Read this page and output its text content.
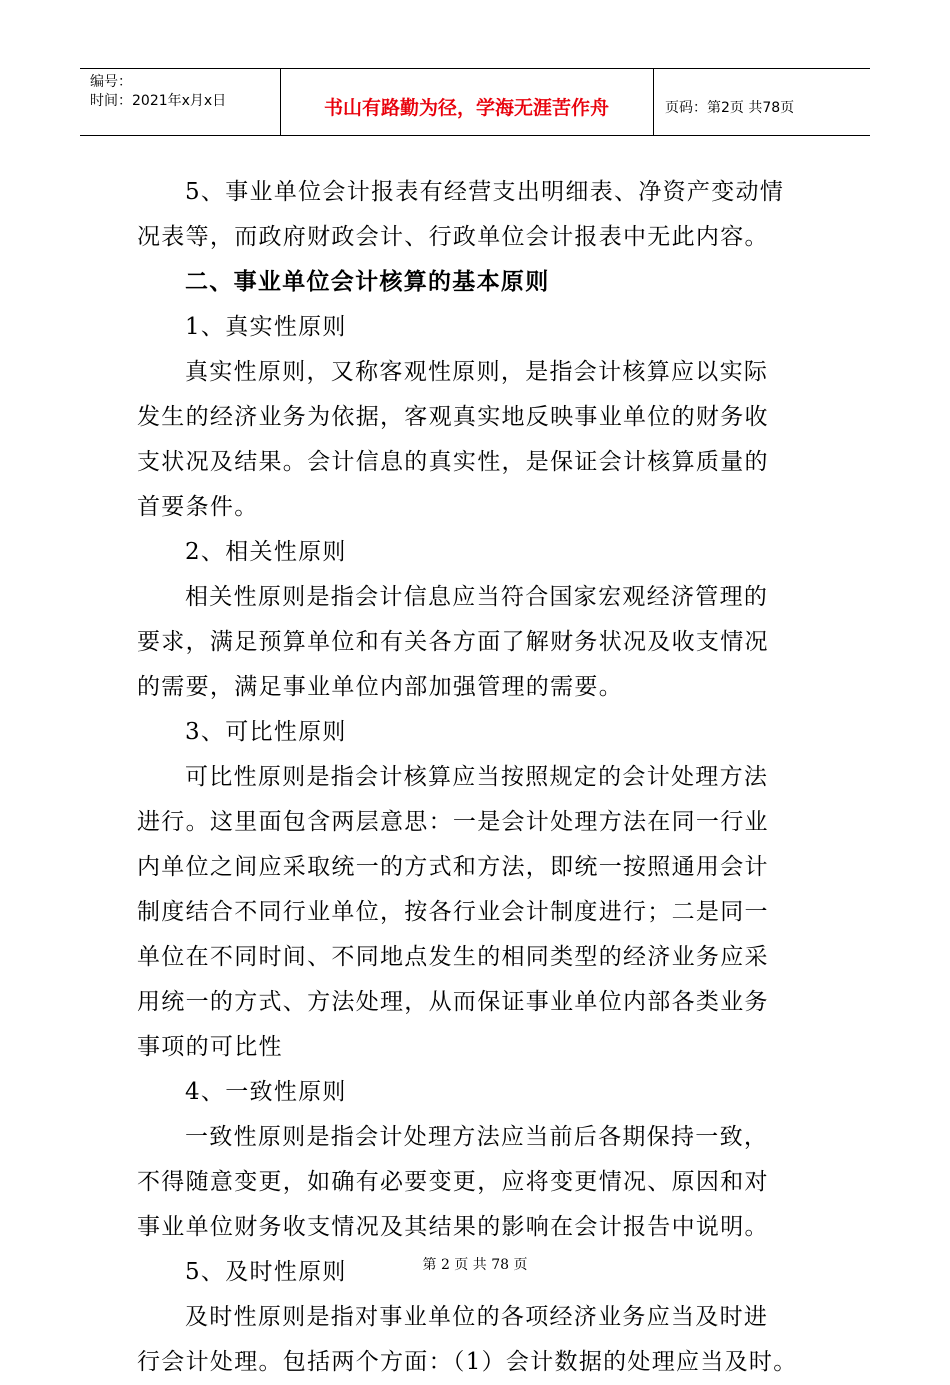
编号：
时间：2021年x月x日	书山有路勤为径，学海无涯苦作舟	页码：第2页 共78页
5、事业单位会计报表有经营支出明细表、净资产变动情
况表等，而政府财政会计、行政单位会计报表中无此内容。
二、事业单位会计核算的基本原则
1、真实性原则
真实性原则，又称客观性原则，是指会计核算应以实际
发生的经济业务为依据，客观真实地反映事业单位的财务收
支状况及结果。会计信息的真实性，是保证会计核算质量的
首要条件。
2、相关性原则
相关性原则是指会计信息应当符合国家宏观经济管理的
要求，满足预算单位和有关各方面了解财务状况及收支情况
的需要，满足事业单位内部加强管理的需要。
3、可比性原则
可比性原则是指会计核算应当按照规定的会计处理方法
进行。这里面包含两层意思：一是会计处理方法在同一行业
内单位之间应采取统一的方式和方法，即统一按照通用会计
制度结合不同行业单位，按各行业会计制度进行；二是同一
单位在不同时间、不同地点发生的相同类型的经济业务应采
用统一的方式、方法处理，从而保证事业单位内部各类业务
事项的可比性
4、一致性原则
一致性原则是指会计处理方法应当前后各期保持一致，
不得随意变更，如确有必要变更，应将变更情况、原因和对
事业单位财务收支情况及其结果的影响在会计报告中说明。
5、及时性原则
及时性原则是指对事业单位的各项经济业务应当及时进
行会计处理。包括两个方面：（1）会计数据的处理应当及时。
第 2 页 共 78 页
